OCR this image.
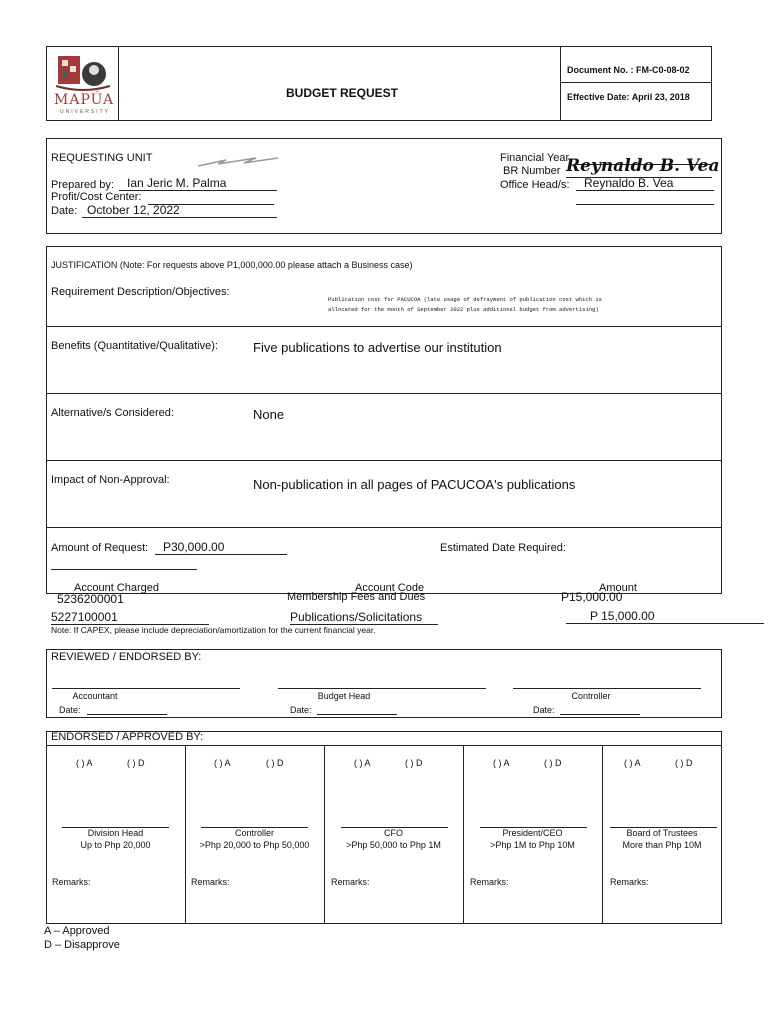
MAPÚA
UNIVERSITY
BUDGET REQUEST
Document No. : FM-C0-08-02
Effective Date: April 23, 2018
REQUESTING UNIT
Prepared by:	Ian Jeric M. Palma
Profit/Cost Center:
Date: October 12, 2022
Financial Year
BR Number Reynaldo B. Vea
Office Head/s:	Reynaldo B. Vea
JUSTIFICATION (Note: For requests above P1,000,000.00 please attach a Business case)
Requirement Description/Objectives:
Publication cost for PACUCOA (late usage of defrayment of publication cost which is
allocated for the month of September 2022 plus additional budget from advertising)
Benefits (Quantitative/Qualitative):	Five publications to advertise our institution
Alternative/s Considered:	None
Impact of Non-Approval:	Non-publication in all pages of PACUCOA's publications
Amount of Request:	P30,000.00	Estimated Date Required:
Account Charged	Account Code	Amount
5236200001	Membership Fees and Dues	P15,000.00
5227100001	Publications/Solicitations	P 15,000.00
Note: If CAPEX, please include depreciation/amortization for the current financial year.
REVIEWED / ENDORSED BY:
Accountant
Date:
Budget Head
Date:
Controller
Date:
ENDORSED / APPROVED BY:
( ) A	( ) D
Division Head
Up to Php 20,000
Remarks:
( ) A	( ) D
Controller
>Php 20,000 to Php 50,000
Remarks:
( ) A	( ) D
CFO
>Php 50,000 to Php 1M
Remarks:
( ) A	( ) D
President/CEO
>Php 1M to Php 10M
Remarks:
( ) A	( ) D
Board of Trustees
More than Php 10M
Remarks:
A – Approved
D – Disapprove
